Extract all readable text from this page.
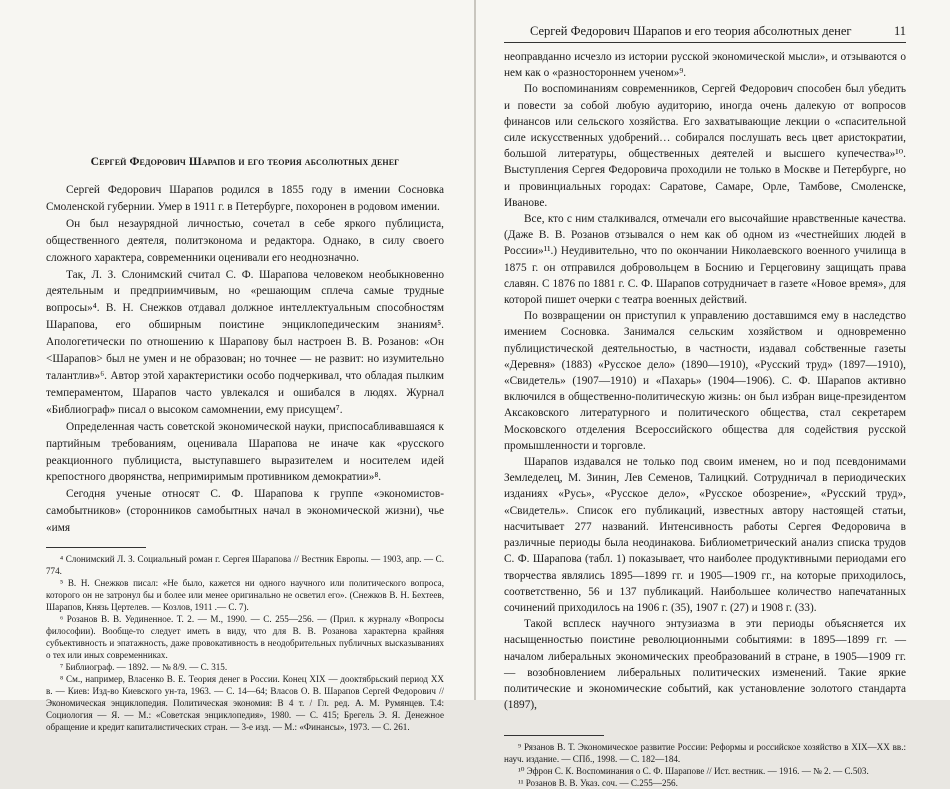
Сергей Федорович Шарапов и его теория абсолютных денег

Сергей Федорович Шарапов родился в 1855 году в имении Сосновка Смоленской губернии. Умер в 1911 г. в Петербурге, похоронен в родовом имении.

Он был незаурядной личностью, сочетал в себе яркого публициста, общественного деятеля, политэконома и редактора. Однако, в силу своего сложного характера, современники оценивали его неоднозначно.

Так, Л. З. Слонимский считал С. Ф. Шарапова человеком необыкновенно деятельным и предприимчивым, но «решающим сплеча самые трудные вопросы»⁴. В. Н. Снежков отдавал должное интеллектуальным способностям Шарапова, его обширным поистине энциклопедическим знаниям⁵. Апологетически по отношению к Шарапову был настроен В. В. Розанов: «Он <Шарапов> был не умен и не образован; но точнее — не развит: но изумительно талантлив»⁶. Автор этой характеристики особо подчеркивал, что обладая пылким темпераментом, Шарапов часто увлекался и ошибался в людях. Журнал «Библиограф» писал о высоком самомнении, ему присущем⁷.

Определенная часть советской экономической науки, приспосабливавшаяся к партийным требованиям, оценивала Шарапова не иначе как «русского реакционного публициста, выступавшего выразителем и носителем идей крепостного дворянства, непримиримым противником демократии»⁸.

Сегодня ученые относят С. Ф. Шарапова к группе «экономистов-самобытников» (сторонников самобытных начал в экономической жизни), чье «имя

⁴ Слонимский Л. З. Социальный роман г. Сергея Шарапова // Вестник Европы. — 1903, апр. — С. 774.

⁵ В. Н. Снежков писал: «Не было, кажется ни одного научного или политического вопроса, которого он не затронул бы и более или менее оригинально не осветил его». (Снежков В. Н. Бехтеев, Шарапов, Князь Цертелев. — Козлов, 1911 .— С. 7).

⁶ Розанов В. В. Уединенное. Т. 2. — М., 1990. — С. 255—256. — (Прил. к журналу «Вопросы философии). Вообще-то следует иметь в виду, что для В. В. Розанова характерна крайняя субъективность и эпатажность, даже провокативность в неодобрительных публичных высказываниях о тех или иных современниках.

⁷ Библиограф. — 1892. — № 8/9. — С. 315.

⁸ См., например, Власенко В. Е. Теория денег в России. Конец XIX — дооктябрьский период ХХ в. — Киев: Изд-во Киевского ун-та, 1963. — С. 14—64; Власов О. В. Шарапов Сергей Федорович // Экономическая энциклопедия. Политическая экономия: В 4 т. / Гл. ред. А. М. Румянцев. Т.4: Социология — Я. — М.: «Советская энциклопедия», 1980. — С. 415; Брегель Э. Я. Денежное обращение и кредит капиталистических стран. — 3-е изд. — М.: «Финансы», 1973. — С. 261.

Сергей Федорович Шарапов и его теория абсолютных денег	11

неоправданно исчезло из истории русской экономической мысли», и отзываются о нем как о «разностороннем ученом»⁹.

По воспоминаниям современников, Сергей Федорович способен был убедить и повести за собой любую аудиторию, иногда очень далекую от вопросов финансов или сельского хозяйства. Его захватывающие лекции о «спасительной силе искусственных удобрений… собирался послушать весь цвет аристократии, большой литературы, общественных деятелей и высшего купечества»¹⁰. Выступления Сергея Федоровича проходили не только в Москве и Петербурге, но и провинциальных городах: Саратове, Самаре, Орле, Тамбове, Смоленске, Иванове.

Все, кто с ним сталкивался, отмечали его высочайшие нравственные качества. (Даже В. В. Розанов отзывался о нем как об одном из «честнейших людей в России»¹¹.) Неудивительно, что по окончании Николаевского военного училища в 1875 г. он отправился добровольцем в Боснию и Герцеговину защищать права славян. С 1876 по 1881 г. С. Ф. Шарапов сотрудничает в газете «Новое время», для которой пишет очерки с театра военных действий.

По возвращении он приступил к управлению доставшимся ему в наследство имением Сосновка. Занимался сельским хозяйством и одновременно публицистической деятельностью, в частности, издавал собственные газеты «Деревня» (1883) «Русское дело» (1890—1910), «Русский труд» (1897—1910), «Свидетель» (1907—1910) и «Пахарь» (1904—1906). С. Ф. Шарапов активно включился в общественно-политическую жизнь: он был избран вице-президентом Аксаковского литературного и политического общества, стал секретарем Московского отделения Всероссийского общества для содействия русской промышленности и торговле.

Шарапов издавался не только под своим именем, но и под псевдонимами Земледелец, М. Зинин, Лев Семенов, Талицкий. Сотрудничал в периодических изданиях «Русь», «Русское дело», «Русское обозрение», «Русский труд», «Свидетель». Список его публикаций, известных автору настоящей статьи, насчитывает 277 названий. Интенсивность работы Сергея Федоровича в различные периоды была неодинакова. Библиометрический анализ списка трудов С. Ф. Шарапова (табл. 1) показывает, что наиболее продуктивными периодами его творчества являлись 1895—1899 гг. и 1905—1909 гг., на которые приходилось, соответственно, 56 и 137 публикаций. Наибольшее количество напечатанных сочинений приходилось на 1906 г. (35), 1907 г. (27) и 1908 г. (33).

Такой всплеск научного энтузиазма в эти периоды объясняется их насыщенностью поистине революционными событиями: в 1895—1899 гг. — началом либеральных экономических преобразований в стране, в 1905—1909 гг. — возобновлением либеральных политических изменений. Такие яркие политические и экономические событий, как установление золотого стандарта (1897),

⁹ Рязанов В. Т. Экономическое развитие России: Реформы и российское хозяйство в XIX—XX вв.: науч. издание. — СПб., 1998. — С. 182—184.

¹⁰ Эфрон С. К. Воспоминания о С. Ф. Шарапове // Ист. вестник. — 1916. — № 2. — С.503.

¹¹ Розанов В. В. Указ. соч. — С.255—256.
